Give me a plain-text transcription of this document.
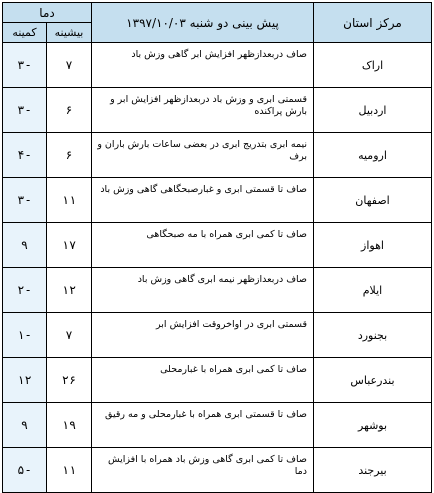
مرکز استان	پیش بینی دو شنبه ۱۳۹۷/۱۰/۰۳	دما	
		بیشینه	کمینه
اراک	صاف دربعدازظهر افزایش ابر گاهی وزش باد	۷	-۳
اردبیل	قسمتی ابری و وزش باد دربعدازظهر افزایش ابر و بارش پراکنده	۶	-۳
ارومیه	نیمه ابری بتدریج ابری در بعضی ساعات بارش باران و برف	۶	-۴
اصفهان	صاف تا قسمتی ابری و غبارصبحگاهی گاهی وزش باد	۱۱	-۳
اهواز	صاف تا کمی ابری همراه با مه صبحگاهی	۱۷	۹
ایلام	صاف دربعدازظهر نیمه ابری گاهی وزش باد	۱۲	-۲
بجنورد	قسمتی ابری در اواخروقت افزایش ابر	۷	-۱
بندرعباس	صاف تا کمی ابری همراه با غبارمحلی	۲۶	۱۲
بوشهر	صاف تا قسمتی ابری همراه با غبارمحلی و مه رقیق	۱۹	۹
بیرجند	صاف تا کمی ابری گاهی وزش باد همراه با افزایش دما	۱۱	-۵
